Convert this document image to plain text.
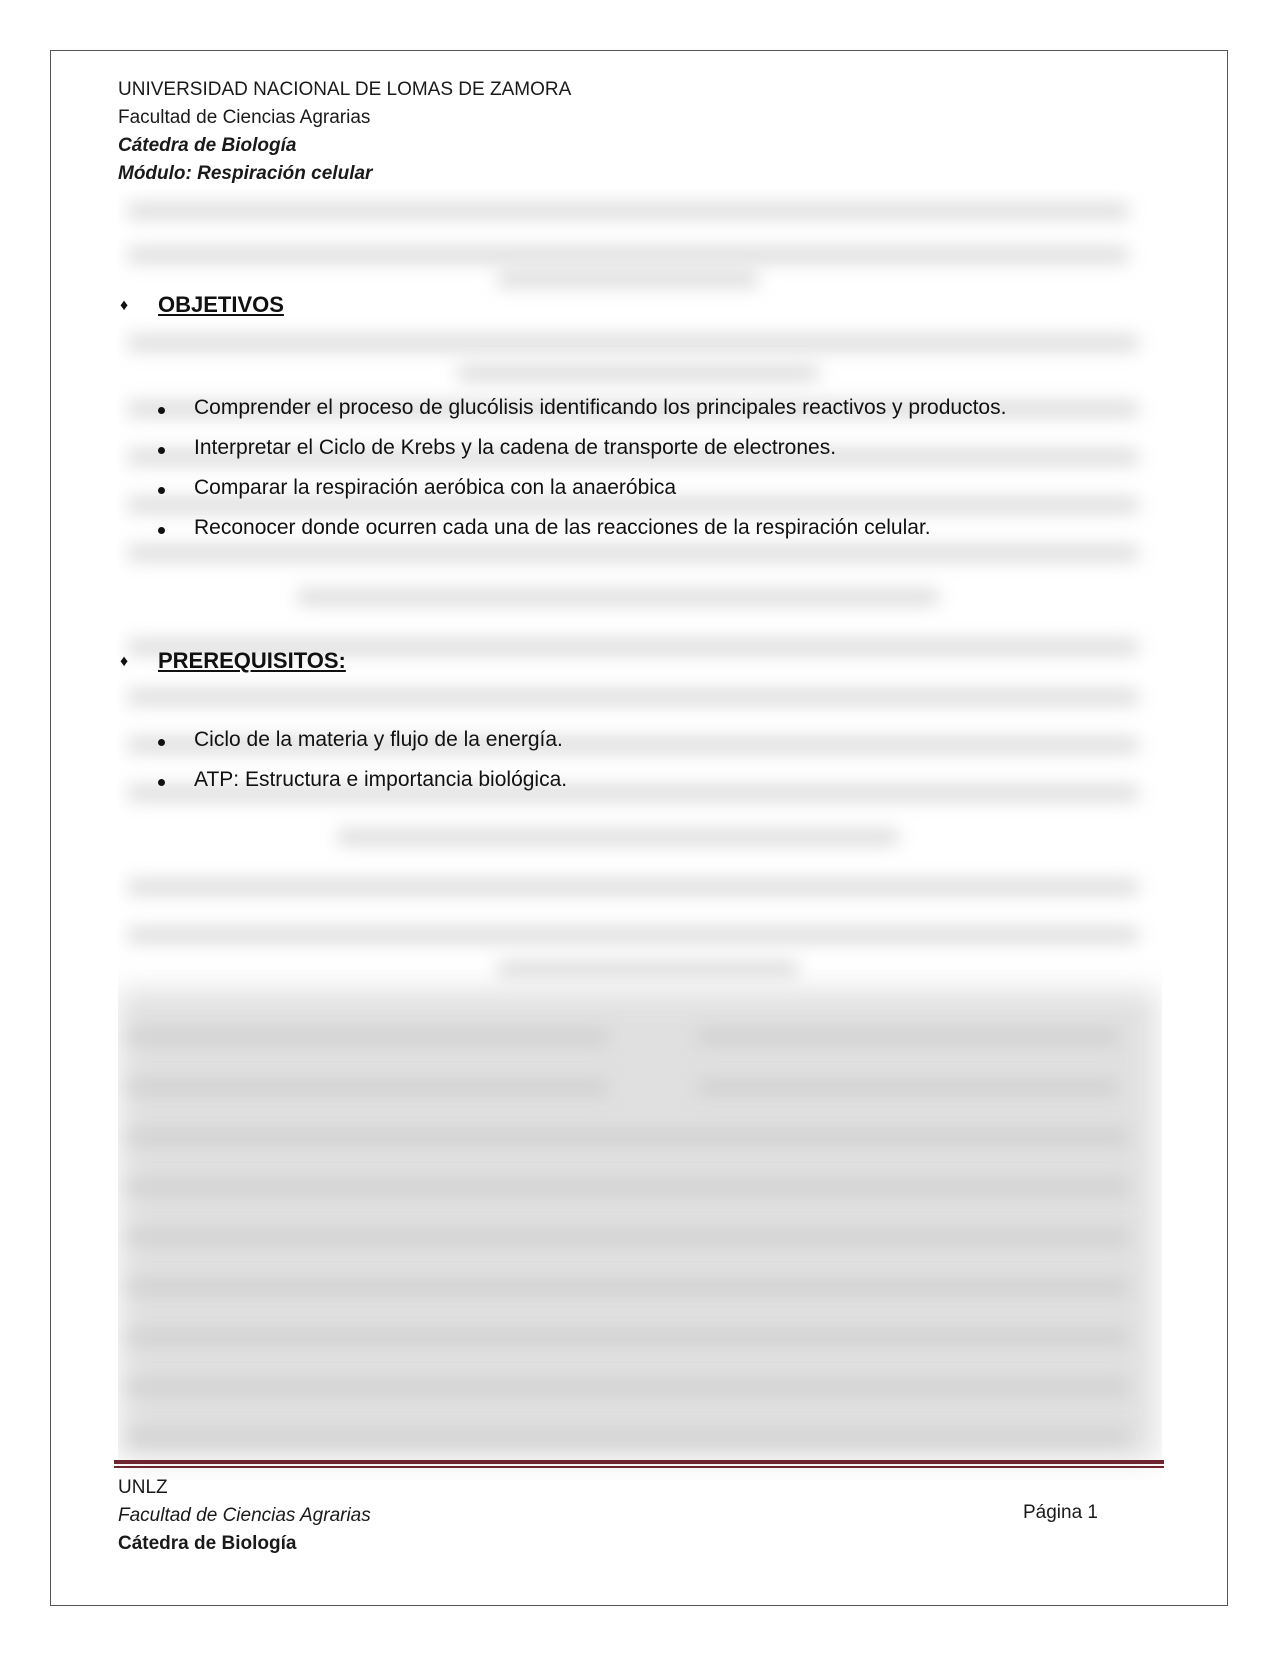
UNIVERSIDAD NACIONAL DE LOMAS DE ZAMORA
Facultad de Ciencias Agrarias
Cátedra de Biología
Módulo: Respiración celular
♦ OBJETIVOS
Comprender el proceso de glucólisis identificando los principales reactivos y productos.
Interpretar el Ciclo de Krebs y la cadena de transporte de electrones.
Comparar la respiración aeróbica con la anaeróbica
Reconocer donde ocurren cada una de las reacciones de la respiración celular.
♦ PREREQUISITOS:
Ciclo de la materia y flujo de la energía.
ATP: Estructura e importancia biológica.
UNLZ
Facultad de Ciencias Agrarias
Cátedra de Biología
Página 1
